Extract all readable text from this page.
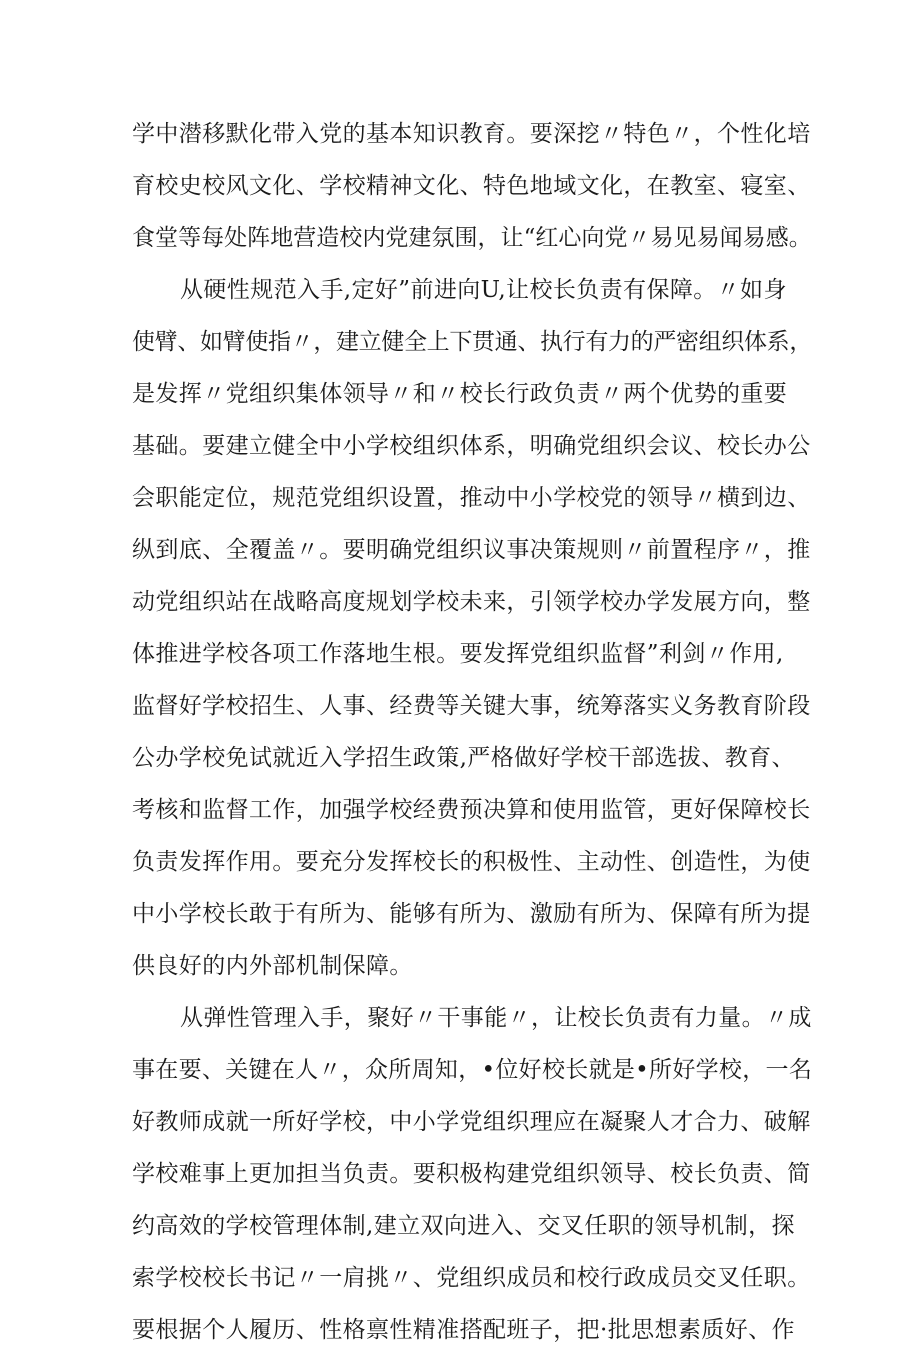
学中潜移默化带入党的基本知识教育。要深挖〃特色〃，个性化培
育校史校风文化、学校精神文化、特色地域文化，在教室、寝室、
食堂等每处阵地营造校内党建氛围，让“红心向党〃易见易闻易感。
从硬性规范入手,定好”前进向U,让校长负责有保障。〃如身
使臂、如臂使指〃，建立健全上下贯通、执行有力的严密组织体系，
是发挥〃党组织集体领导〃和〃校长行政负责〃两个优势的重要
基础。要建立健全中小学校组织体系，明确党组织会议、校长办公
会职能定位，规范党组织设置，推动中小学校党的领导〃横到边、
纵到底、全覆盖〃。要明确党组织议事决策规则〃前置程序〃，推
动党组织站在战略高度规划学校未来，引领学校办学发展方向，整
体推进学校各项工作落地生根。要发挥党组织监督”利剑〃作用,
监督好学校招生、人事、经费等关键大事，统筹落实义务教育阶段
公办学校免试就近入学招生政策,严格做好学校干部选拔、教育、
考核和监督工作，加强学校经费预决算和使用监管，更好保障校长
负责发挥作用。要充分发挥校长的积极性、主动性、创造性，为使
中小学校长敢于有所为、能够有所为、激励有所为、保障有所为提
供良好的内外部机制保障。
从弹性管理入手，聚好〃干事能〃，让校长负责有力量。〃成
事在要、关键在人〃，众所周知，•位好校长就是•所好学校，一名
好教师成就一所好学校，中小学党组织理应在凝聚人才合力、破解
学校难事上更加担当负责。要积极构建党组织领导、校长负责、简
约高效的学校管理体制,建立双向进入、交叉任职的领导机制，探
索学校校长书记〃一肩挑〃、党组织成员和校行政成员交叉任职。
要根据个人履历、性格禀性精准搭配班子，把·批思想素质好、作
